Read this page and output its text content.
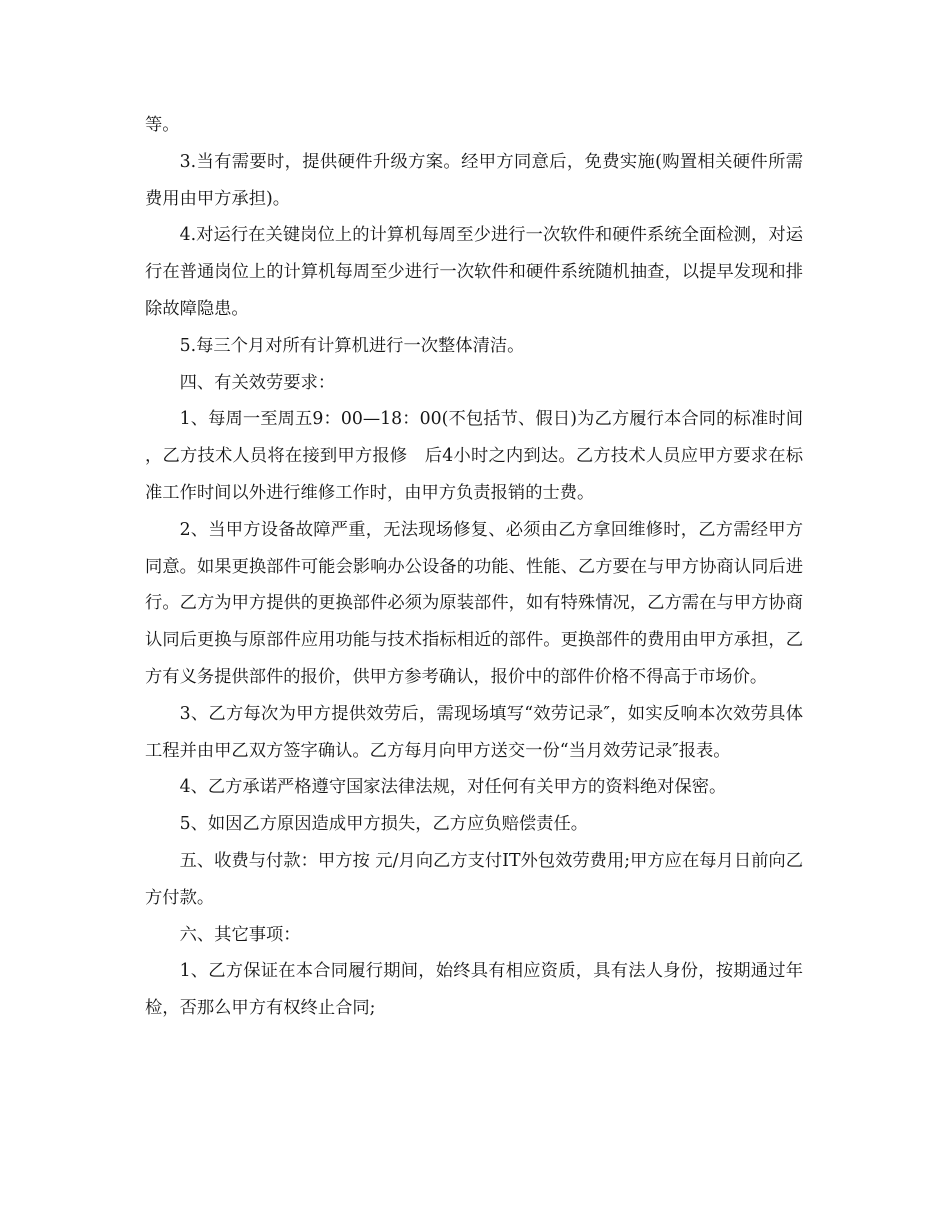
等。

3.当有需要时，提供硬件升级方案。经甲方同意后，免费实施(购置相关硬件所需费用由甲方承担)。

4.对运行在关键岗位上的计算机每周至少进行一次软件和硬件系统全面检测，对运行在普通岗位上的计算机每周至少进行一次软件和硬件系统随机抽查，以提早发现和排除故障隐患。

5.每三个月对所有计算机进行一次整体清洁。

四、有关效劳要求：

1、每周一至周五9：00—18：00(不包括节、假日)为乙方履行本合同的标准时间，乙方技术人员将在接到甲方报修　后4小时之内到达。乙方技术人员应甲方要求在标准工作时间以外进行维修工作时，由甲方负责报销的士费。

2、当甲方设备故障严重，无法现场修复、必须由乙方拿回维修时，乙方需经甲方同意。如果更换部件可能会影响办公设备的功能、性能、乙方要在与甲方协商认同后进行。乙方为甲方提供的更换部件必须为原装部件，如有特殊情况，乙方需在与甲方协商认同后更换与原部件应用功能与技术指标相近的部件。更换部件的费用由甲方承担，乙方有义务提供部件的报价，供甲方参考确认，报价中的部件价格不得高于市场价。

3、乙方每次为甲方提供效劳后，需现场填写“效劳记录″，如实反响本次效劳具体工程并由甲乙双方签字确认。乙方每月向甲方送交一份“当月效劳记录″报表。

4、乙方承诺严格遵守国家法律法规，对任何有关甲方的资料绝对保密。

5、如因乙方原因造成甲方损失，乙方应负赔偿责任。

五、收费与付款：甲方按 元/月向乙方支付IT外包效劳费用;甲方应在每月日前向乙方付款。

六、其它事项：

1、乙方保证在本合同履行期间，始终具有相应资质，具有法人身份，按期通过年检，否那么甲方有权终止合同;
